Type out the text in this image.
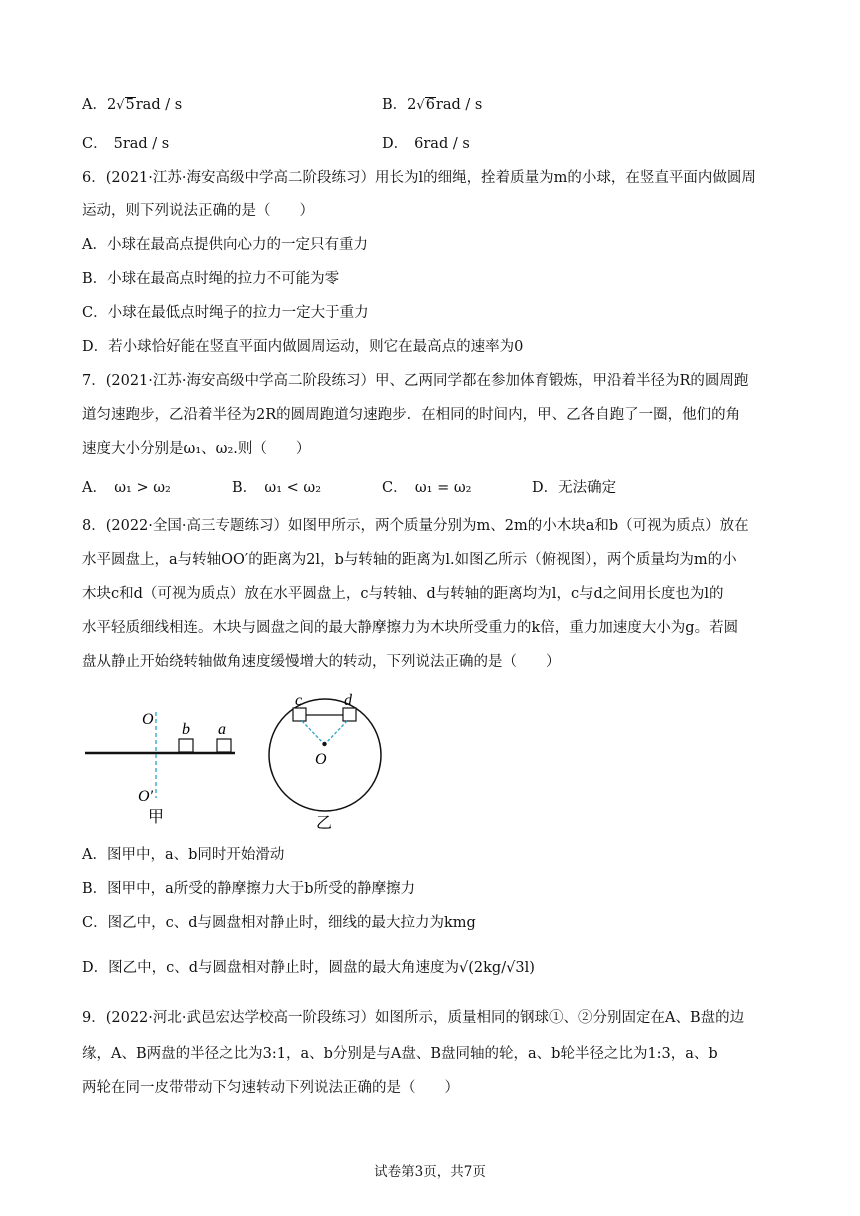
A．2√5rad / s	B．2√6rad / s
C． 5rad / s	D． 6rad / s
6．(2021·江苏·海安高级中学高二阶段练习）用长为l的细绳，拴着质量为m的小球，在竖直平面内做圆周
运动，则下列说法正确的是（　　）
A．小球在最高点提供向心力的一定只有重力
B．小球在最高点时绳的拉力不可能为零
C．小球在最低点时绳子的拉力一定大于重力
D．若小球恰好能在竖直平面内做圆周运动，则它在最高点的速率为0
7．(2021·江苏·海安高级中学高二阶段练习）甲、乙两同学都在参加体育锻炼，甲沿着半径为R的圆周跑
道匀速跑步，乙沿着半径为2R的圆周跑道匀速跑步．在相同的时间内，甲、乙各自跑了一圈，他们的角
速度大小分别是ω₁、ω₂.则（　　）
A．　ω₁ > ω₂	B．　ω₁ < ω₂	C．　ω₁ = ω₂	D．无法确定
8．(2022·全国·高三专题练习）如图甲所示，两个质量分别为m、2m的小木块a和b（可视为质点）放在
水平圆盘上，a与转轴OO′的距离为2l，b与转轴的距离为l.如图乙所示（俯视图），两个质量均为m的小
木块c和d（可视为质点）放在水平圆盘上，c与转轴、d与转轴的距离均为l，c与d之间用长度也为l的
水平轻质细线相连。木块与圆盘之间的最大静摩擦力为木块所受重力的k倍，重力加速度大小为g。若圆
盘从静止开始绕转轴做角速度缓慢增大的转动，下列说法正确的是（　　）
O
b a
O′
甲
c	d
O
乙
A．图甲中，a、b同时开始滑动
B．图甲中，a所受的静摩擦力大于b所受的静摩擦力
C．图乙中，c、d与圆盘相对静止时，细线的最大拉力为kmg
D．图乙中，c、d与圆盘相对静止时，圆盘的最大角速度为√(2kg/√3l)
9．(2022·河北·武邑宏达学校高一阶段练习）如图所示，质量相同的钢球①、②分别固定在A、B盘的边
缘，A、B两盘的半径之比为3:1，a、b分别是与A盘、B盘同轴的轮，a、b轮半径之比为1:3，a、b
两轮在同一皮带带动下匀速转动下列说法正确的是（　　）
试卷第3页，共7页
